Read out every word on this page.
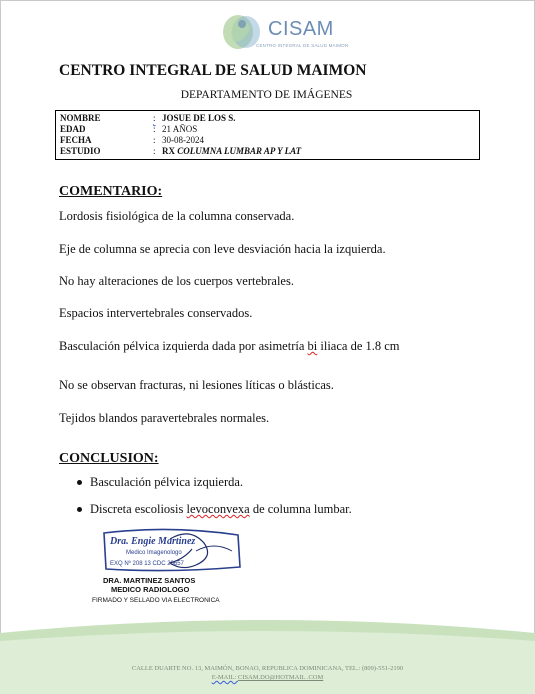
CISAM
CENTRO INTEGRAL DE SALUD MAIMON
CENTRO INTEGRAL DE SALUD MAIMON
DEPARTAMENTO DE IMÁGENES
NOMBRE	: JOSUE DE LOS S.
EDAD	: 21 AÑOS
FECHA	: 30-08-2024
ESTUDIO	: RX COLUMNA LUMBAR AP Y LAT
COMENTARIO:
Lordosis fisiológica de la columna conservada.
Eje de columna se aprecia con leve desviación hacia la izquierda.
No hay alteraciones de los cuerpos vertebrales.
Espacios intervertebrales conservados.
Basculación pélvica izquierda dada por asimetría bi iliaca de 1.8 cm
No se observan fracturas, ni lesiones líticas o blásticas.
Tejidos blandos paravertebrales normales.
CONCLUSION:
Basculación pélvica izquierda.
Discreta escoliosis levoconvexa de columna lumbar.
Dra. Engie Martinez
Medico Imagenologo
EXQ Nº 208 13 CDC 20657
DRA. MARTINEZ SANTOS
MEDICO RADIOLOGO
FIRMADO Y SELLADO VIA ELECTRONICA
CALLE DUARTE NO. 13, MAIMÓN, BONAO, REPUBLICA DOMINICANA, TEL.: (809)-551-2190
E-MAIL: CISAM.DO@HOTMAIL .COM
